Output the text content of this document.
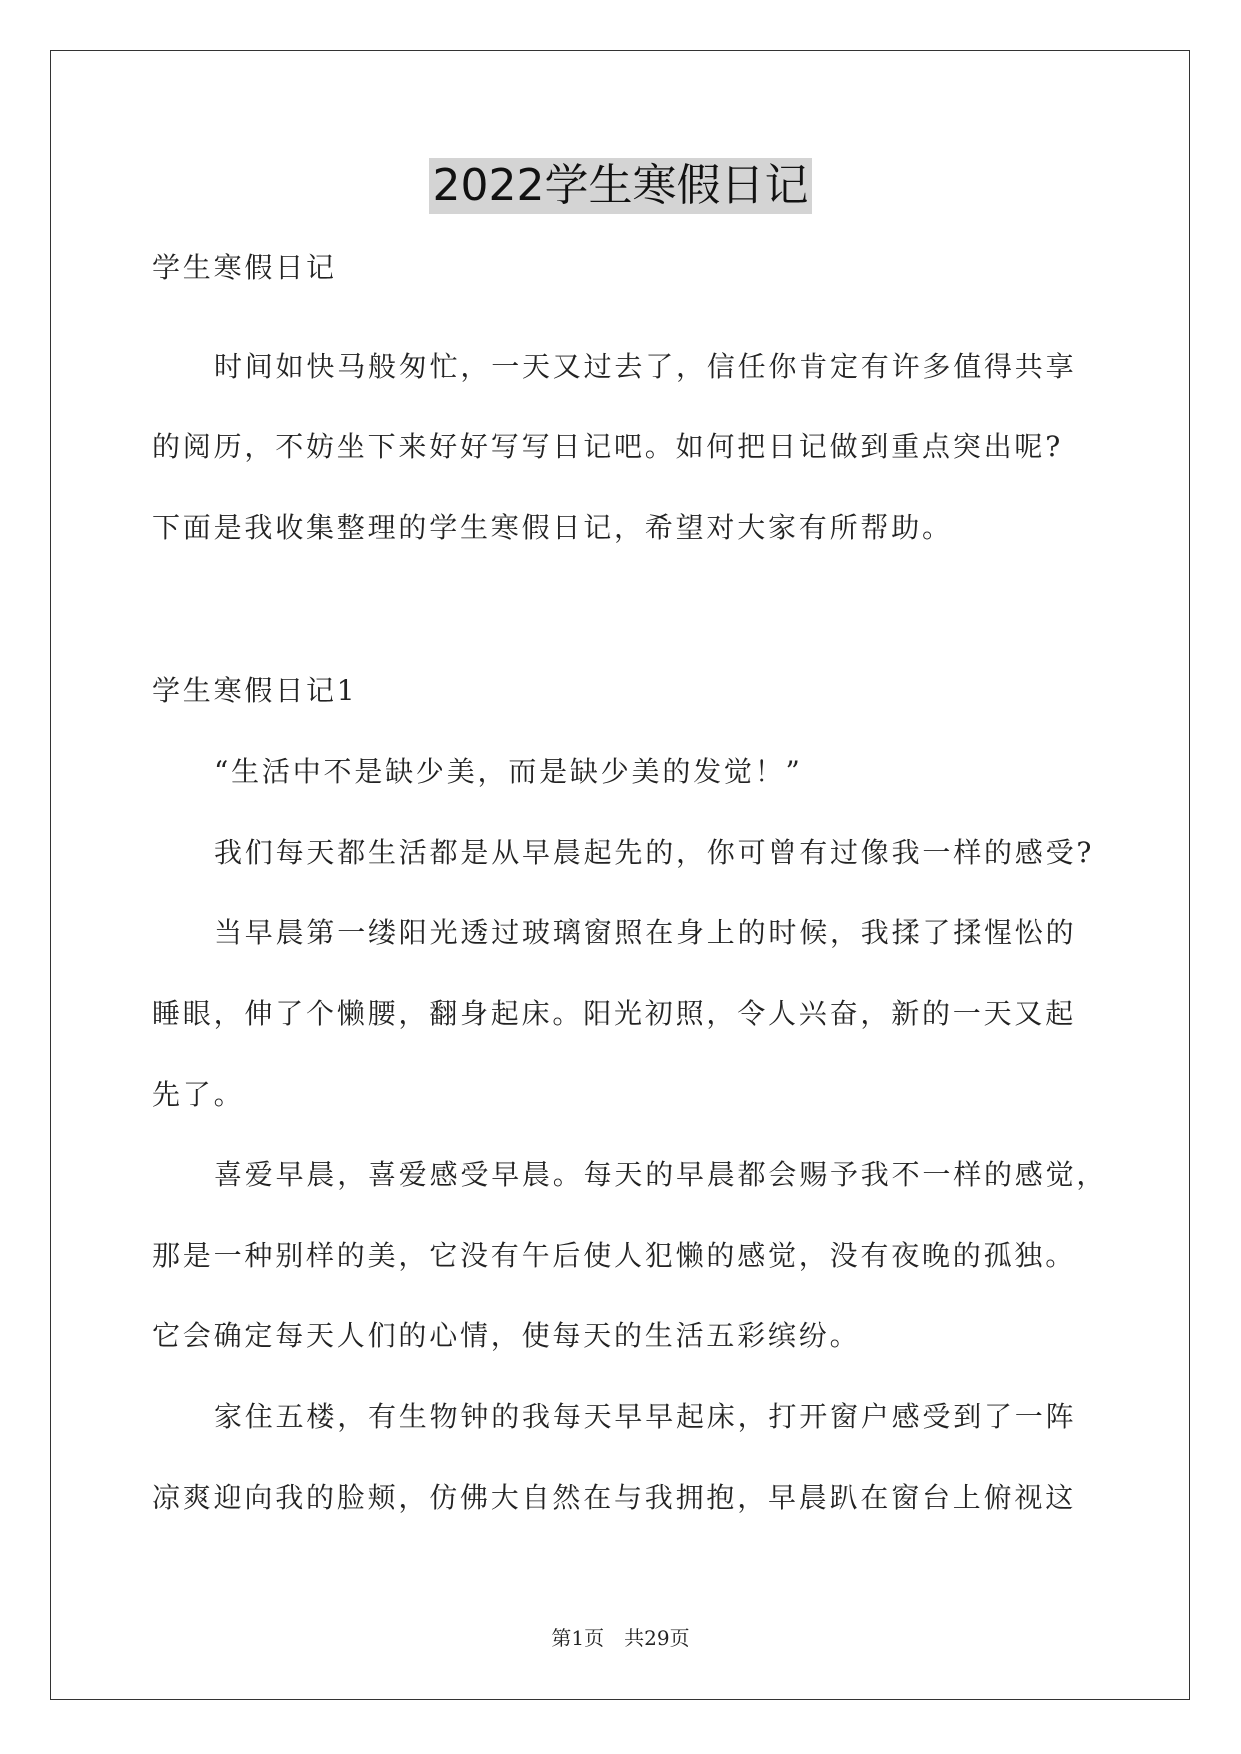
2022学生寒假日记
学生寒假日记
时间如快马般匆忙，一天又过去了，信任你肯定有许多值得共享
的阅历，不妨坐下来好好写写日记吧。如何把日记做到重点突出呢?
下面是我收集整理的学生寒假日记，希望对大家有所帮助。
学生寒假日记1
“生活中不是缺少美，而是缺少美的发觉！”
我们每天都生活都是从早晨起先的，你可曾有过像我一样的感受?
当早晨第一缕阳光透过玻璃窗照在身上的时候，我揉了揉惺忪的
睡眼，伸了个懒腰，翻身起床。阳光初照，令人兴奋，新的一天又起
先了。
喜爱早晨，喜爱感受早晨。每天的早晨都会赐予我不一样的感觉，
那是一种别样的美，它没有午后使人犯懒的感觉，没有夜晚的孤独。
它会确定每天人们的心情，使每天的生活五彩缤纷。
家住五楼，有生物钟的我每天早早起床，打开窗户感受到了一阵
凉爽迎向我的脸颊，仿佛大自然在与我拥抱，早晨趴在窗台上俯视这
第1页 共29页
